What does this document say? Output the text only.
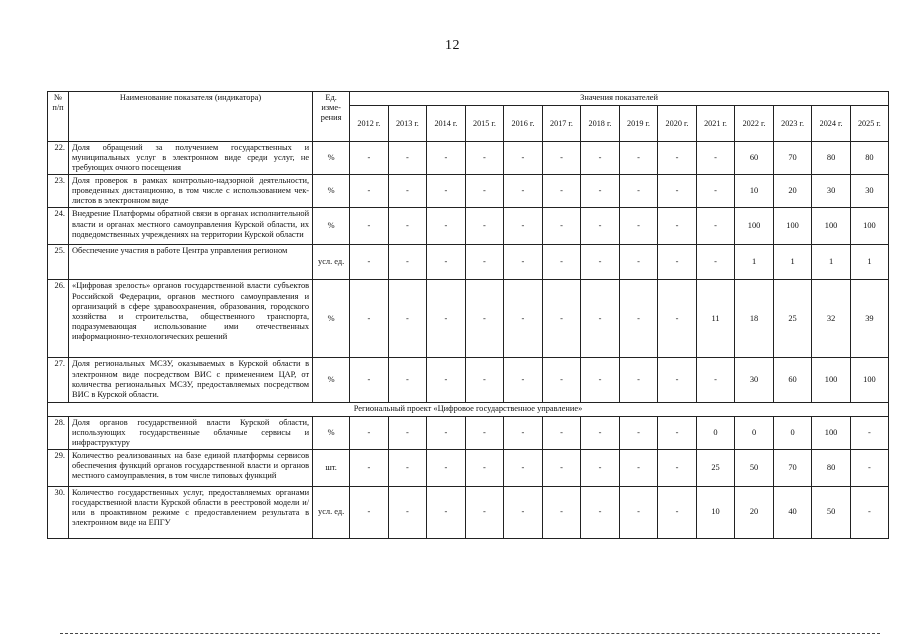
12
№ п/п	Наименование показателя (индикатора)	Ед. изме- рения	Значения показателей													
			2012 г.	2013 г.	2014 г.	2015 г.	2016 г.	2017 г.	2018 г.	2019 г.	2020 г.	2021 г.	2022 г.	2023 г.	2024 г.	2025 г.
22.	Доля обращений за получением государственных и муниципальных услуг в электронном виде среди услуг, не требующих очного посещения	%	-	-	-	-	-	-	-	-	-	-	60	70	80	80
23.	Доля проверок в рамках контрольно-надзорной деятельности, проведенных дистанционно, в том числе с использованием чек-листов в электронном виде	%	-	-	-	-	-	-	-	-	-	-	10	20	30	30
24.	Внедрение Платформы обратной связи в органах исполнительной власти и органах местного самоуправления Курской области, их подведомственных учреждениях на территории Курской области	%	-	-	-	-	-	-	-	-	-	-	100	100	100	100
25.	Обеспечение участия в работе Центра управления регионом	усл. ед.	-	-	-	-	-	-	-	-	-	-	1	1	1	1
26.	«Цифровая зрелость» органов государственной власти субъектов Российской Федерации, органов местного самоуправления и организаций в сфере здравоохранения, образования, городского хозяйства и строительства, общественного транспорта, подразумевающая использование ими отечественных информационно-технологических решений	%	-	-	-	-	-	-	-	-	-	11	18	25	32	39
27.	Доля региональных МСЗУ, оказываемых в Курской области в электронном виде посредством ВИС с применением ЦАР, от количества региональных МСЗУ, предоставляемых посредством ВИС в Курской области.	%	-	-	-	-	-	-	-	-	-	-	30	60	100	100
Региональный проект «Цифровое государственное управление»																
28.	Доля органов государственной власти Курской области, использующих государственные облачные сервисы и инфраструктуру	%	-	-	-	-	-	-	-	-	-	0	0	0	100	-
29.	Количество реализованных на базе единой платформы сервисов обеспечения функций органов государственной власти и органов местного самоуправления, в том числе типовых функций	шт.	-	-	-	-	-	-	-	-	-	25	50	70	80	-
30.	Количество государственных услуг, предоставляемых органами государственной власти Курской области в реестровой модели и/или в проактивном режиме с предоставлением результата в электронном виде на ЕПГУ	усл. ед.	-	-	-	-	-	-	-	-	-	10	20	40	50	-
